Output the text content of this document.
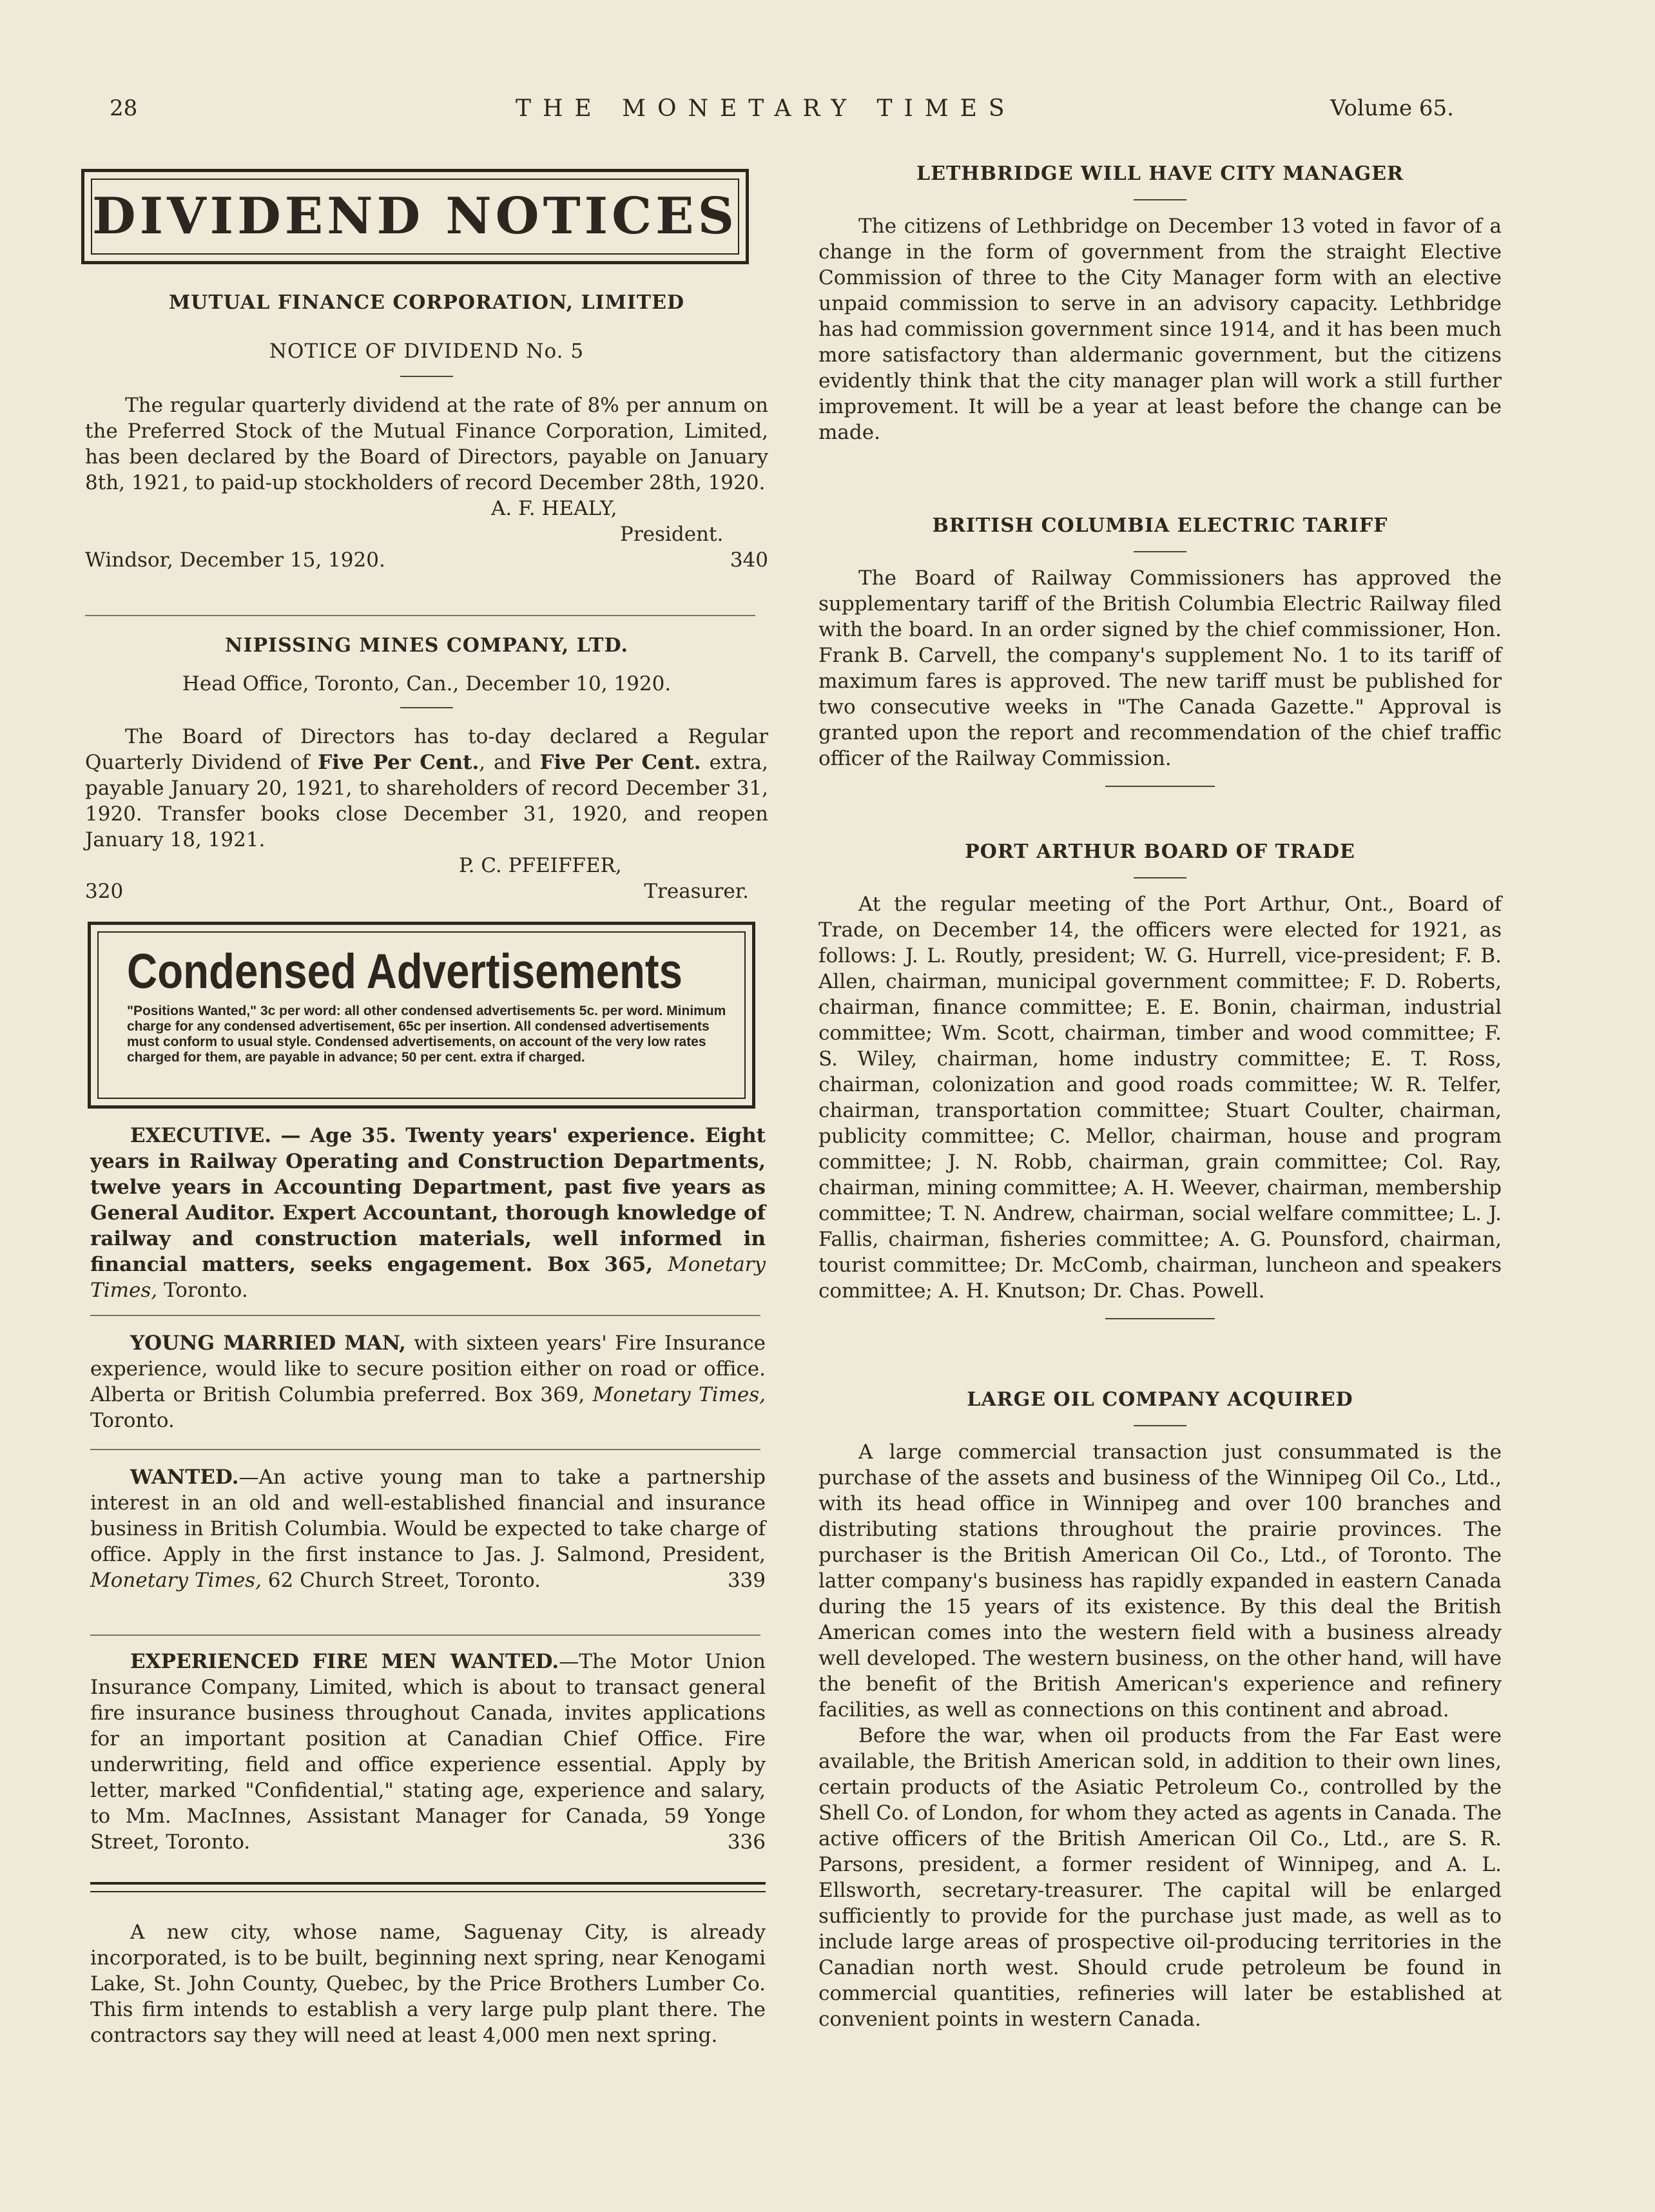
28	THE MONETARY TIMES	Volume 65.
DIVIDEND NOTICES

MUTUAL FINANCE CORPORATION, LIMITED

NOTICE OF DIVIDEND No. 5

The regular quarterly dividend at the rate of 8% per annum on the Preferred Stock of the Mutual Finance Corporation, Limited, has been declared by the Board of Directors, payable on January 8th, 1921, to paid-up stockholders of record December 28th, 1920.

A. F. HEALY,
President.
Windsor, December 15, 1920.	340

NIPISSING MINES COMPANY, LTD.

Head Office, Toronto, Can., December 10, 1920.

The Board of Directors has to-day declared a Regular Quarterly Dividend of Five Per Cent., and Five Per Cent. extra, payable January 20, 1921, to shareholders of record December 31, 1920. Transfer books close December 31, 1920, and reopen January 18, 1921.

P. C. PFEIFFER,
320	Treasurer.
Condensed Advertisements
"Positions Wanted," 3c per word: all other condensed advertisements 5c. per word. Minimum charge for any condensed advertisement, 65c per insertion. All condensed advertisements must conform to usual style. Condensed advertisements, on account of the very low rates charged for them, are payable in advance; 50 per cent. extra if charged.

EXECUTIVE. — Age 35. Twenty years' experience. Eight years in Railway Operating and Construction Departments, twelve years in Accounting Department, past five years as General Auditor. Expert Accountant, thorough knowledge of railway and construction materials, well informed in financial matters, seeks engagement. Box 365, Monetary Times, Toronto.

YOUNG MARRIED MAN, with sixteen years' Fire Insurance experience, would like to secure position either on road or office. Alberta or British Columbia preferred. Box 369, Monetary Times, Toronto.

WANTED.—An active young man to take a partnership interest in an old and well-established financial and insurance business in British Columbia. Would be expected to take charge of office. Apply in the first instance to Jas. J. Salmond, President, Monetary Times, 62 Church Street, Toronto.	339

EXPERIENCED FIRE MEN WANTED.—The Motor Union Insurance Company, Limited, which is about to transact general fire insurance business throughout Canada, invites applications for an important position at Canadian Chief Office. Fire underwriting, field and office experience essential. Apply by letter, marked "Confidential," stating age, experience and salary, to Mm. MacInnes, Assistant Manager for Canada, 59 Yonge Street, Toronto.	336

A new city, whose name, Saguenay City, is already incorporated, is to be built, beginning next spring, near Kenogami Lake, St. John County, Quebec, by the Price Brothers Lumber Co. This firm intends to establish a very large pulp plant there. The contractors say they will need at least 4,000 men next spring.

LETHBRIDGE WILL HAVE CITY MANAGER

The citizens of Lethbridge on December 13 voted in favor of a change in the form of government from the straight Elective Commission of three to the City Manager form with an elective unpaid commission to serve in an advisory capacity. Lethbridge has had commission government since 1914, and it has been much more satisfactory than aldermanic government, but the citizens evidently think that the city manager plan will work a still further improvement. It will be a year at least before the change can be made.

BRITISH COLUMBIA ELECTRIC TARIFF

The Board of Railway Commissioners has approved the supplementary tariff of the British Columbia Electric Railway filed with the board. In an order signed by the chief commissioner, Hon. Frank B. Carvell, the company's supplement No. 1 to its tariff of maximum fares is approved. The new tariff must be published for two consecutive weeks in "The Canada Gazette." Approval is granted upon the report and recommendation of the chief traffic officer of the Railway Commission.

PORT ARTHUR BOARD OF TRADE

At the regular meeting of the Port Arthur, Ont., Board of Trade, on December 14, the officers were elected for 1921, as follows: J. L. Routly, president; W. G. Hurrell, vice-president; F. B. Allen, chairman, municipal government committee; F. D. Roberts, chairman, finance committee; E. E. Bonin, chairman, industrial committee; Wm. Scott, chairman, timber and wood committee; F. S. Wiley, chairman, home industry committee; E. T. Ross, chairman, colonization and good roads committee; W. R. Telfer, chairman, transportation committee; Stuart Coulter, chairman, publicity committee; C. Mellor, chairman, house and program committee; J. N. Robb, chairman, grain committee; Col. Ray, chairman, mining committee; A. H. Weever, chairman, membership committee; T. N. Andrew, chairman, social welfare committee; L. J. Fallis, chairman, fisheries committee; A. G. Pounsford, chairman, tourist committee; Dr. McComb, chairman, luncheon and speakers committee; A. H. Knutson; Dr. Chas. Powell.

LARGE OIL COMPANY ACQUIRED

A large commercial transaction just consummated is the purchase of the assets and business of the Winnipeg Oil Co., Ltd., with its head office in Winnipeg and over 100 branches and distributing stations throughout the prairie provinces. The purchaser is the British American Oil Co., Ltd., of Toronto. The latter company's business has rapidly expanded in eastern Canada during the 15 years of its existence. By this deal the British American comes into the western field with a business already well developed. The western business, on the other hand, will have the benefit of the British American's experience and refinery facilities, as well as connections on this continent and abroad.

Before the war, when oil products from the Far East were available, the British American sold, in addition to their own lines, certain products of the Asiatic Petroleum Co., controlled by the Shell Co. of London, for whom they acted as agents in Canada. The active officers of the British American Oil Co., Ltd., are S. R. Parsons, president, a former resident of Winnipeg, and A. L. Ellsworth, secretary-treasurer. The capital will be enlarged sufficiently to provide for the purchase just made, as well as to include large areas of prospective oil-producing territories in the Canadian north west. Should crude petroleum be found in commercial quantities, refineries will later be established at convenient points in western Canada.
